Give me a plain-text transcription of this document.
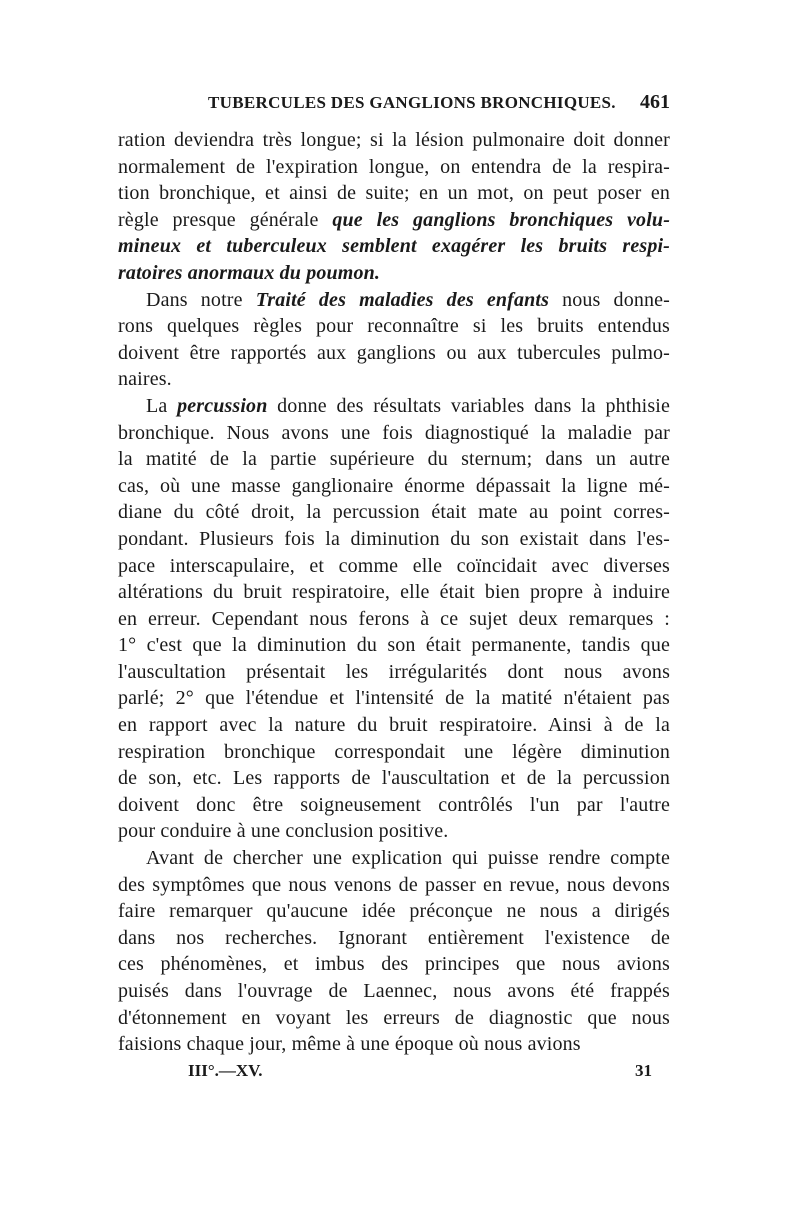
TUBERCULES DES GANGLIONS BRONCHIQUES. 461
ration deviendra très longue; si la lésion pulmonaire doit donner
normalement de l'expiration longue, on entendra de la respira-
tion bronchique, et ainsi de suite; en un mot, on peut poser en
règle presque générale que les ganglions bronchiques volu-
mineux et tuberculeux semblent exagérer les bruits respi-
ratoires anormaux du poumon.
Dans notre Traité des maladies des enfants nous donne-
rons quelques règles pour reconnaître si les bruits entendus
doivent être rapportés aux ganglions ou aux tubercules pulmo-
naires.
La percussion donne des résultats variables dans la phthisie
bronchique. Nous avons une fois diagnostiqué la maladie par
la matité de la partie supérieure du sternum; dans un autre
cas, où une masse ganglionaire énorme dépassait la ligne mé-
diane du côté droit, la percussion était mate au point corres-
pondant. Plusieurs fois la diminution du son existait dans l'es-
pace interscapulaire, et comme elle coïncidait avec diverses
altérations du bruit respiratoire, elle était bien propre à induire
en erreur. Cependant nous ferons à ce sujet deux remarques :
1° c'est que la diminution du son était permanente, tandis que
l'auscultation présentait les irrégularités dont nous avons
parlé; 2° que l'étendue et l'intensité de la matité n'étaient pas
en rapport avec la nature du bruit respiratoire. Ainsi à de la
respiration bronchique correspondait une légère diminution
de son, etc. Les rapports de l'auscultation et de la percussion
doivent donc être soigneusement contrôlés l'un par l'autre
pour conduire à une conclusion positive.
Avant de chercher une explication qui puisse rendre compte
des symptômes que nous venons de passer en revue, nous devons
faire remarquer qu'aucune idée préconçue ne nous a dirigés
dans nos recherches. Ignorant entièrement l'existence de
ces phénomènes, et imbus des principes que nous avions
puisés dans l'ouvrage de Laennec, nous avons été frappés
d'étonnement en voyant les erreurs de diagnostic que nous
faisions chaque jour, même à une époque où nous avions
III°.—XV.	31
